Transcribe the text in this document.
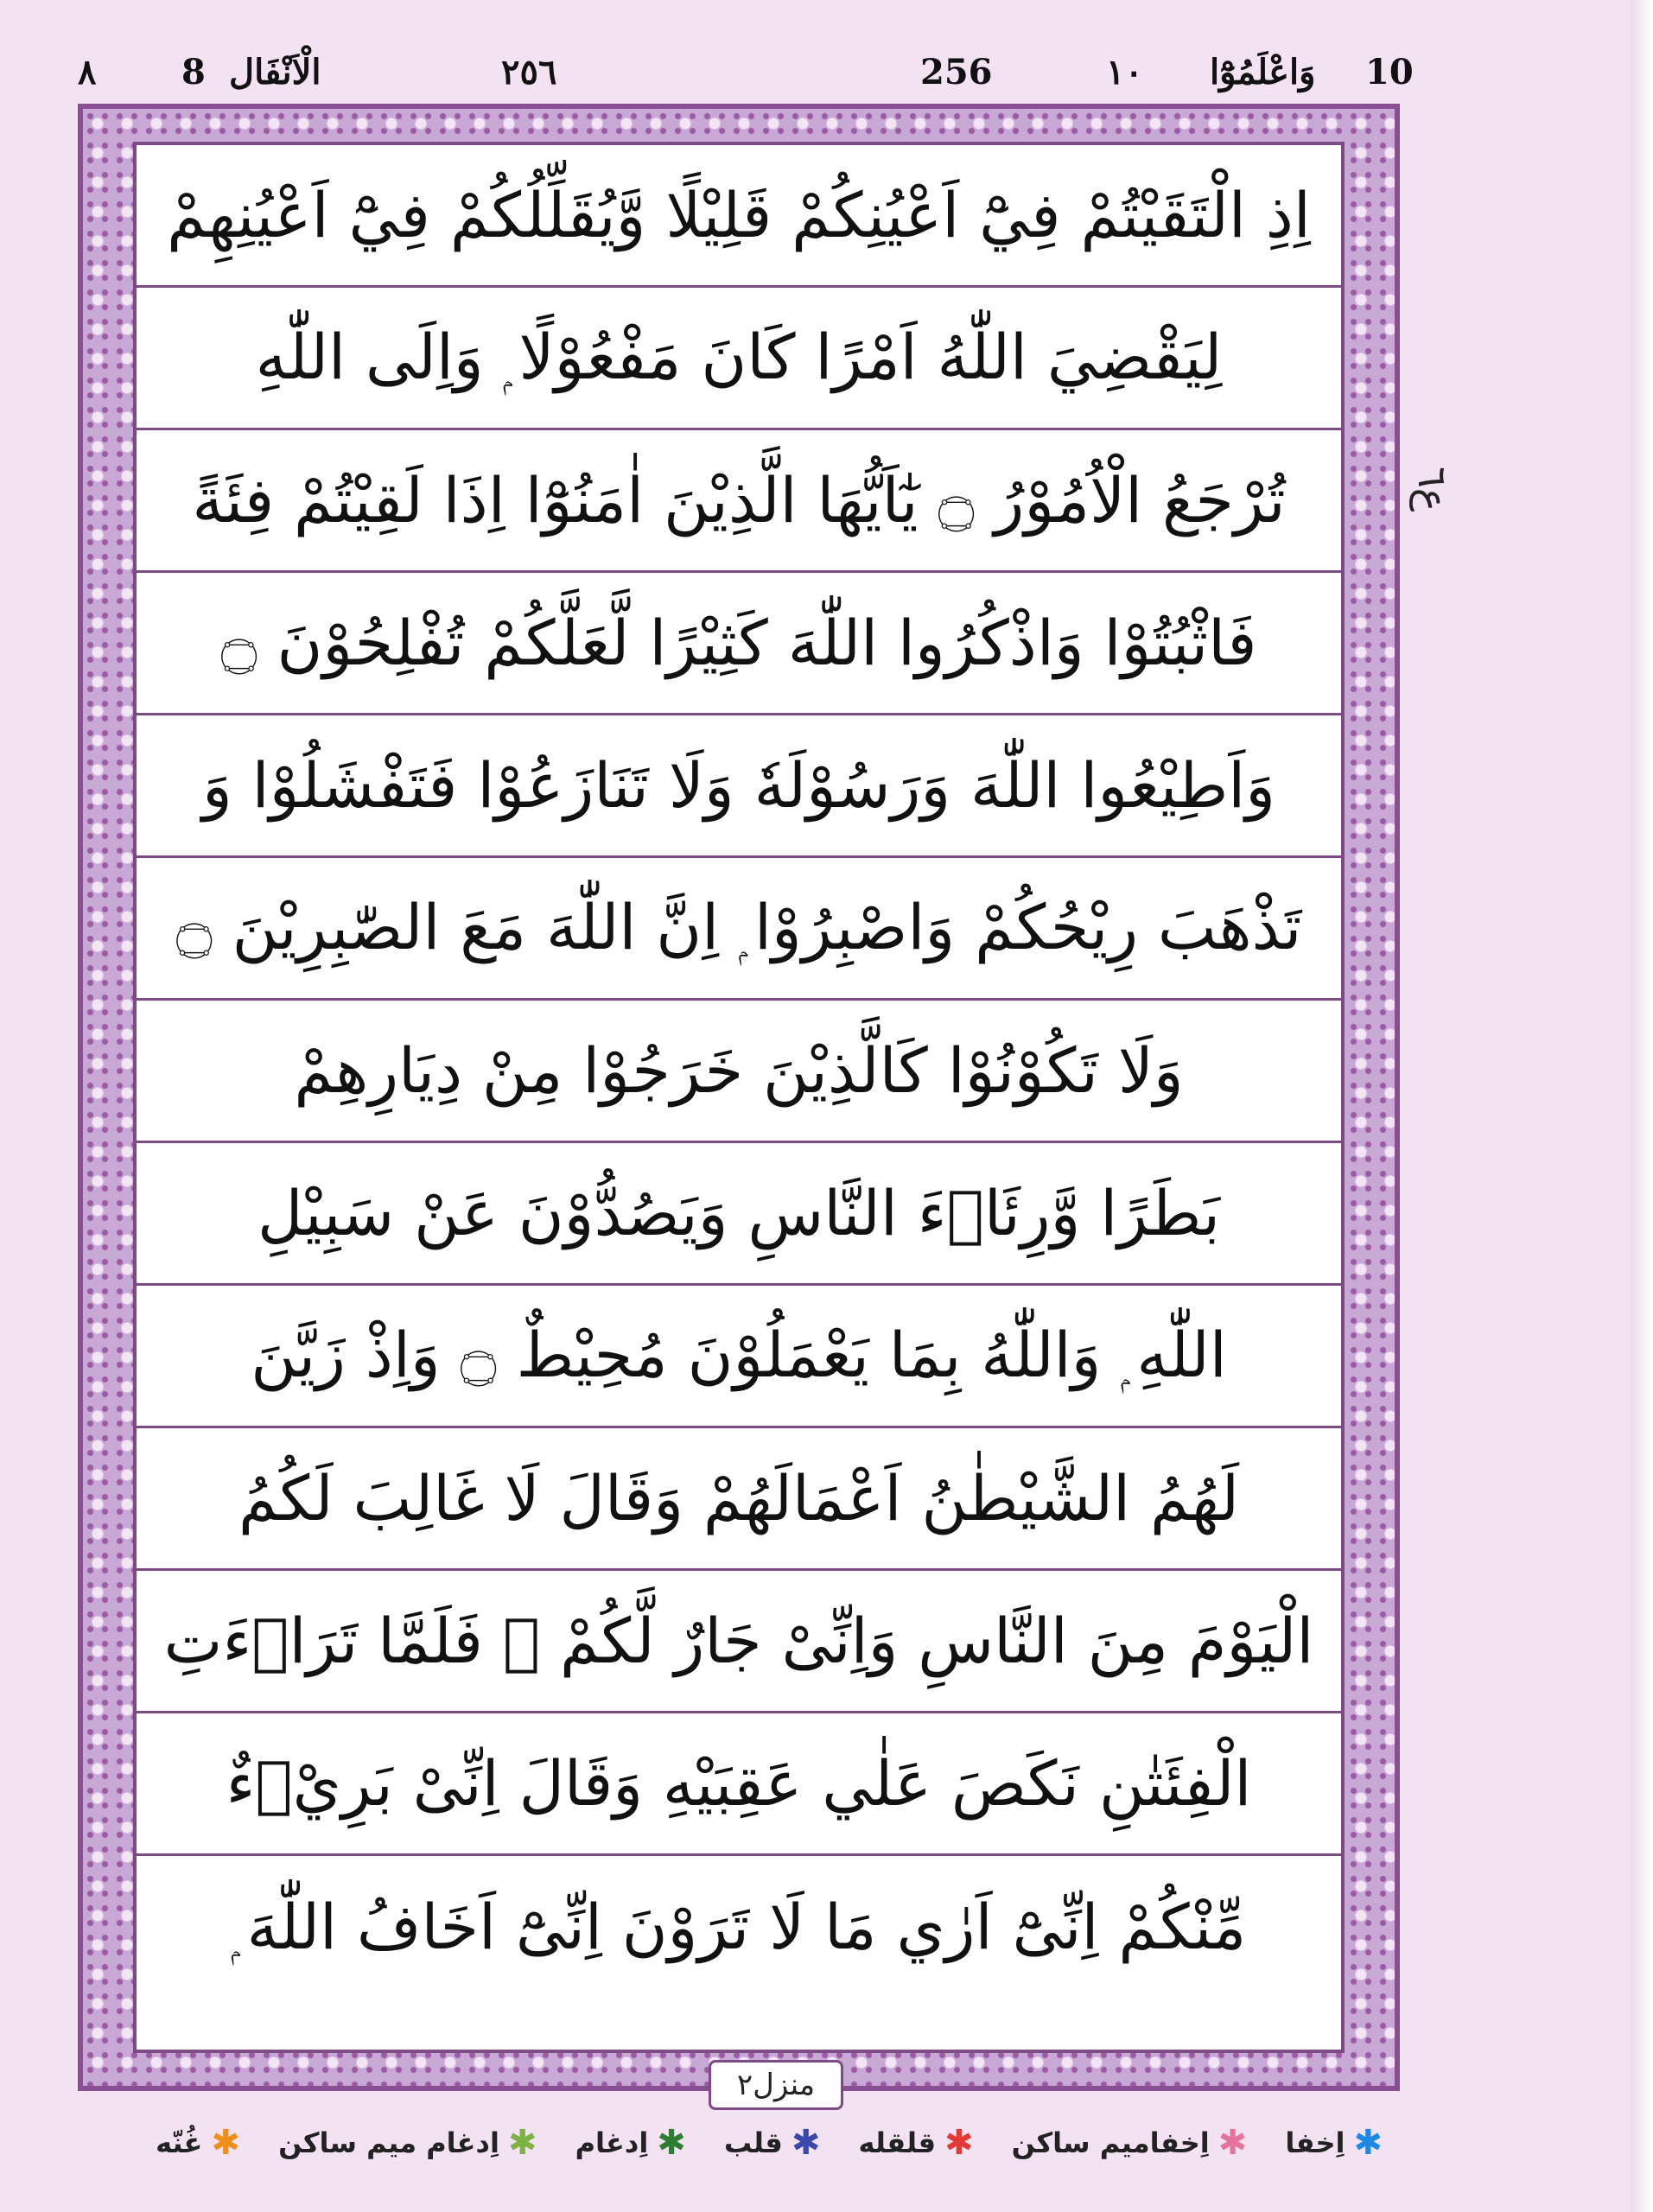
٨ 8 الْاَنْفَال	٢٥٦	256	١٠ وَاعْلَمُوْٓا 10
اِذِ الْتَقَيْتُمْ فِيْٓ اَعْيُنِكُمْ قَلِيْلًا وَّيُقَلِّلُكُمْ فِيْٓ اَعْيُنِهِمْ
لِيَقْضِيَ اللّٰهُ اَمْرًا كَانَ مَفْعُوْلًا ۭ وَاِلَى اللّٰهِ
تُرْجَعُ الْاُمُوْرُ ۝ يٰٓاَيُّهَا الَّذِيْنَ اٰمَنُوْٓا اِذَا لَقِيْتُمْ فِئَةً
فَاثْبُتُوْا وَاذْكُرُوا اللّٰهَ كَثِيْرًا لَّعَلَّكُمْ تُفْلِحُوْنَ ۝
وَاَطِيْعُوا اللّٰهَ وَرَسُوْلَهٗ وَلَا تَنَازَعُوْا فَتَفْشَلُوْا وَ
تَذْهَبَ رِيْحُكُمْ وَاصْبِرُوْا ۭ اِنَّ اللّٰهَ مَعَ الصّٰبِرِيْنَ ۝
وَلَا تَكُوْنُوْا كَالَّذِيْنَ خَرَجُوْا مِنْ دِيَارِهِمْ
بَطَرًا وَّرِئَاۗءَ النَّاسِ وَيَصُدُّوْنَ عَنْ سَبِيْلِ
اللّٰهِ ۭ وَاللّٰهُ بِمَا يَعْمَلُوْنَ مُحِيْطٌ ۝ وَاِذْ زَيَّنَ
لَهُمُ الشَّيْطٰنُ اَعْمَالَهُمْ وَقَالَ لَا غَالِبَ لَكُمُ
الْيَوْمَ مِنَ النَّاسِ وَاِنِّىْ جَارٌ لَّكُمْ ۚ فَلَمَّا تَرَاۗءَتِ
الْفِئَتٰنِ نَكَصَ عَلٰي عَقِبَيْهِ وَقَالَ اِنِّىْ بَرِيْۗءٌ
مِّنْكُمْ اِنِّىْٓ اَرٰي مَا لَا تَرَوْنَ اِنِّىْٓ اَخَافُ اللّٰهَ ۭ
ع٦
منزل٢
✱
اِخفا
✱
اِخفامیم ساکن
✱
قلقله
✱
قلب
✱
اِدغام
✱
اِدغام میم ساکن
✱
غُنّه
